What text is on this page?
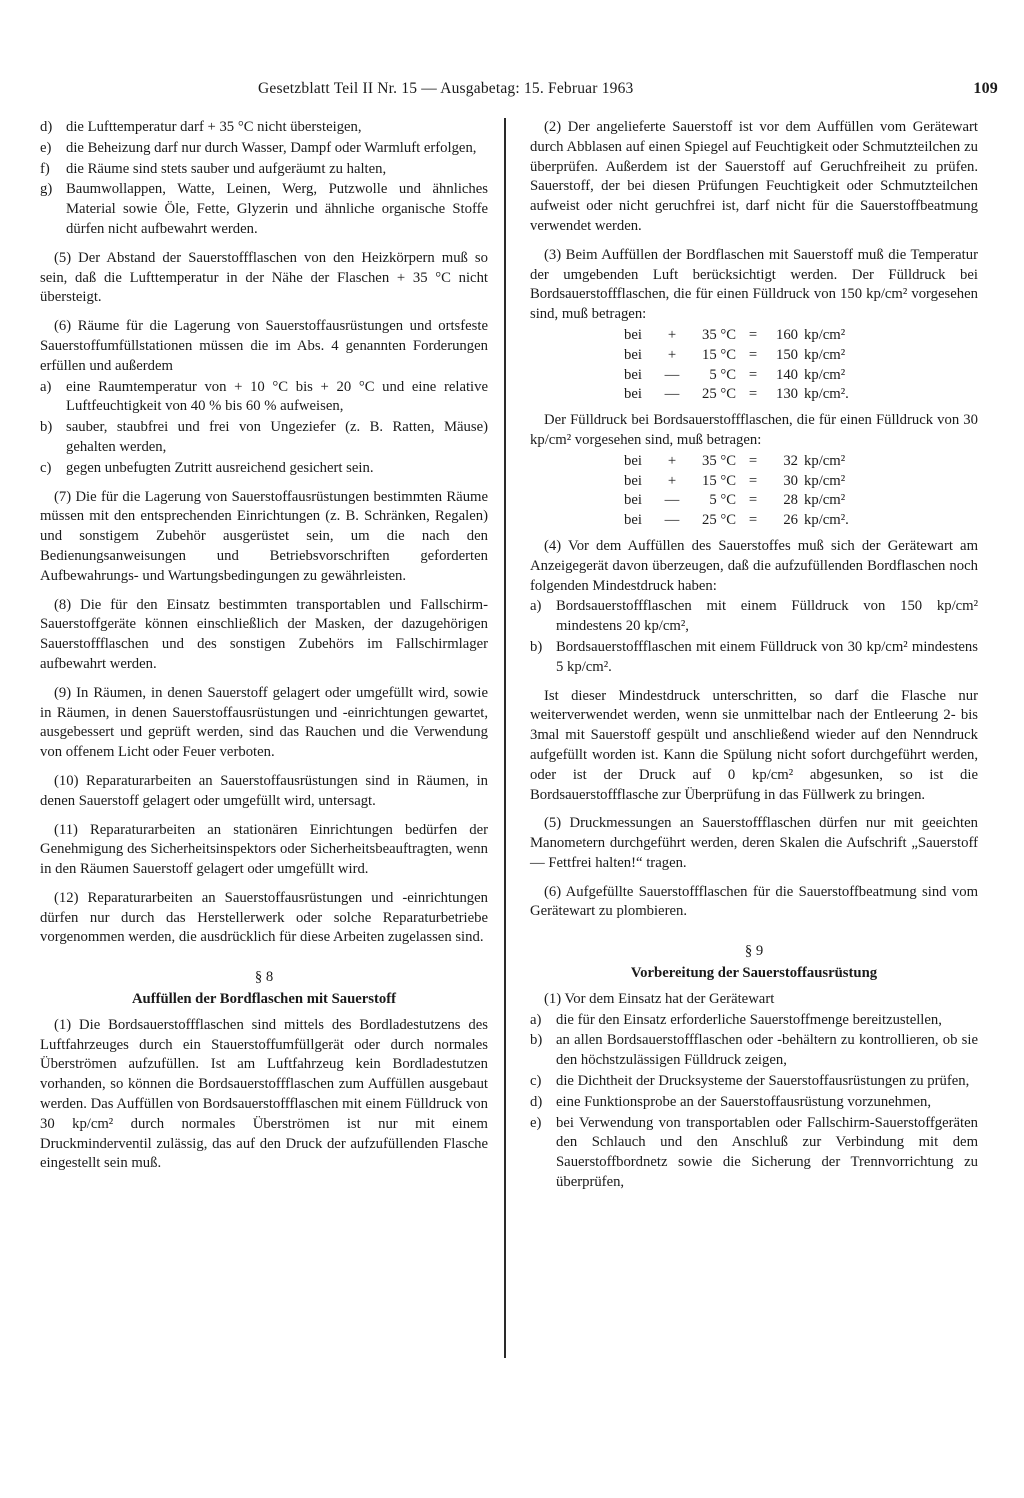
Gesetzblatt Teil II Nr. 15 — Ausgabetag: 15. Februar 1963	109
d) die Lufttemperatur darf + 35 °C nicht übersteigen,
e) die Beheizung darf nur durch Wasser, Dampf oder Warmluft erfolgen,
f)	die Räume sind stets sauber und aufgeräumt zu halten,
g) Baumwollappen, Watte, Leinen, Werg, Putzwolle und ähnliches Material sowie Öle, Fette, Glyzerin und ähnliche organische Stoffe dürfen nicht aufbewahrt werden.

(5) Der Abstand der Sauerstoffflaschen von den Heizkörpern muß so sein, daß die Lufttemperatur in der Nähe der Flaschen + 35 °C nicht übersteigt.

(6) Räume für die Lagerung von Sauerstoffausrüstungen und ortsfeste Sauerstoffumfüllstationen müssen die im Abs. 4 genannten Forderungen erfüllen und außerdem

a) eine Raumtemperatur von + 10 °C bis + 20 °C und eine relative Luftfeuchtigkeit von 40 % bis 60 % aufweisen,
b) sauber, staubfrei und frei von Ungeziefer (z. B. Ratten, Mäuse) gehalten werden,
c) gegen unbefugten Zutritt ausreichend gesichert sein.

(7) Die für die Lagerung von Sauerstoffausrüstungen bestimmten Räume müssen mit den entsprechenden Einrichtungen (z. B. Schränken, Regalen) und sonstigem Zubehör ausgerüstet sein, um die nach den Bedienungsanweisungen und Betriebsvorschriften geforderten Aufbewahrungs- und Wartungsbedingungen zu gewährleisten.

(8) Die für den Einsatz bestimmten transportablen und Fallschirm-Sauerstoffgeräte können einschließlich der Masken, der dazugehörigen Sauerstoffflaschen und des sonstigen Zubehörs im Fallschirmlager aufbewahrt werden.

(9) In Räumen, in denen Sauerstoff gelagert oder umgefüllt wird, sowie in Räumen, in denen Sauerstoffausrüstungen und -einrichtungen gewartet, ausgebessert und geprüft werden, sind das Rauchen und die Verwendung von offenem Licht oder Feuer verboten.

(10) Reparaturarbeiten an Sauerstoffausrüstungen sind in Räumen, in denen Sauerstoff gelagert oder umgefüllt wird, untersagt.

(11) Reparaturarbeiten an stationären Einrichtungen bedürfen der Genehmigung des Sicherheitsinspektors oder Sicherheitsbeauftragten, wenn in den Räumen Sauerstoff gelagert oder umgefüllt wird.

(12) Reparaturarbeiten an Sauerstoffausrüstungen und -einrichtungen dürfen nur durch das Herstellerwerk oder solche Reparaturbetriebe vorgenommen werden, die ausdrücklich für diese Arbeiten zugelassen sind.

§ 8
Auffüllen der Bordflaschen mit Sauerstoff

(1) Die Bordsauerstoffflaschen sind mittels des Bordladestutzens des Luftfahrzeuges durch ein Stauerstoffumfüllgerät oder durch normales Überströmen aufzufüllen. Ist am Luftfahrzeug kein Bordladestutzen vorhanden, so können die Bordsauerstoffflaschen zum Auffüllen ausgebaut werden. Das Auffüllen von Bordsauerstoffflaschen mit einem Fülldruck von 30 kp/cm² durch normales Überströmen ist nur mit einem Druckminderventil zulässig, das auf den Druck der aufzufüllenden Flasche eingestellt sein muß.

(2) Der angelieferte Sauerstoff ist vor dem Auffüllen vom Gerätewart durch Abblasen auf einen Spiegel auf Feuchtigkeit oder Schmutzteilchen zu überprüfen. Außerdem ist der Sauerstoff auf Geruchfreiheit zu prüfen. Sauerstoff, der bei diesen Prüfungen Feuchtigkeit oder Schmutzteilchen aufweist oder nicht geruchfrei ist, darf nicht für die Sauerstoffbeatmung verwendet werden.

(3) Beim Auffüllen der Bordflaschen mit Sauerstoff muß die Temperatur der umgebenden Luft berücksichtigt werden. Der Fülldruck bei Bordsauerstoffflaschen, die für einen Fülldruck von 150 kp/cm² vorgesehen sind, muß betragen:

bei	+	35 °C	=	160	kp/cm²
bei	+	15 °C	=	150	kp/cm²
bei	—	5 °C	=	140	kp/cm²
bei	—	25 °C	=	130	kp/cm².

Der Fülldruck bei Bordsauerstoffflaschen, die für einen Fülldruck von 30 kp/cm² vorgesehen sind, muß betragen:

bei	+	35 °C	=	32	kp/cm²
bei	+	15 °C	=	30	kp/cm²
bei	—	5 °C	=	28	kp/cm²
bei	—	25 °C	=	26	kp/cm².

(4) Vor dem Auffüllen des Sauerstoffes muß sich der Gerätewart am Anzeigegerät davon überzeugen, daß die aufzufüllenden Bordflaschen noch folgenden Mindestdruck haben:

a) Bordsauerstoffflaschen mit einem Fülldruck von 150 kp/cm² mindestens 20 kp/cm²,
b) Bordsauerstoffflaschen mit einem Fülldruck von 30 kp/cm² mindestens 5 kp/cm².

Ist dieser Mindestdruck unterschritten, so darf die Flasche nur weiterverwendet werden, wenn sie unmittelbar nach der Entleerung 2- bis 3mal mit Sauerstoff gespült und anschließend wieder auf den Nenndruck aufgefüllt worden ist. Kann die Spülung nicht sofort durchgeführt werden, oder ist der Druck auf 0 kp/cm² abgesunken, so ist die Bordsauerstoffflasche zur Überprüfung in das Füllwerk zu bringen.

(5) Druckmessungen an Sauerstoffflaschen dürfen nur mit geeichten Manometern durchgeführt werden, deren Skalen die Aufschrift „Sauerstoff — Fettfrei halten!“ tragen.

(6) Aufgefüllte Sauerstoffflaschen für die Sauerstoffbeatmung sind vom Gerätewart zu plombieren.

§ 9
Vorbereitung der Sauerstoffausrüstung

(1) Vor dem Einsatz hat der Gerätewart

a) die für den Einsatz erforderliche Sauerstoffmenge bereitzustellen,
b) an allen Bordsauerstoffflaschen oder -behältern zu kontrollieren, ob sie den höchstzulässigen Fülldruck zeigen,
c) die Dichtheit der Drucksysteme der Sauerstoffausrüstungen zu prüfen,
d) eine Funktionsprobe an der Sauerstoffausrüstung vorzunehmen,
e) bei Verwendung von transportablen oder Fallschirm-Sauerstoffgeräten den Schlauch und den Anschluß zur Verbindung mit dem Sauerstoffbordnetz sowie die Sicherung der Trennvorrichtung zu überprüfen,
